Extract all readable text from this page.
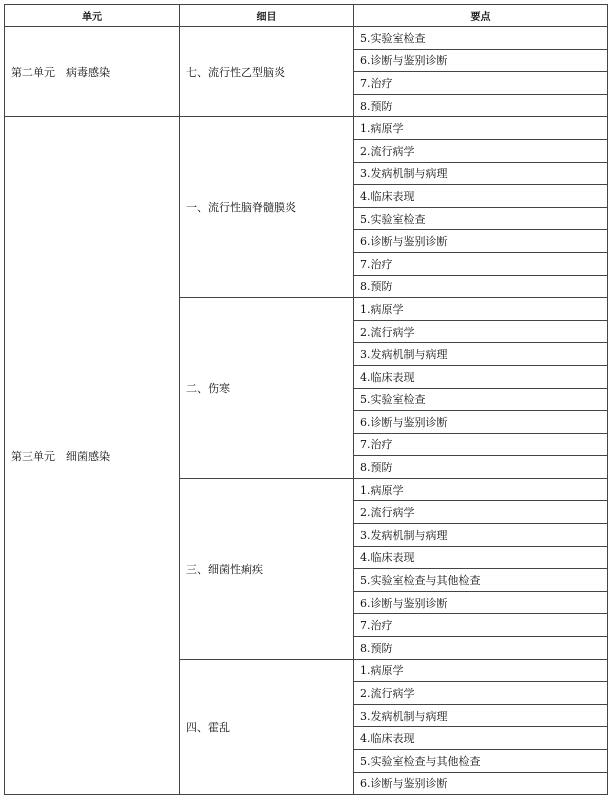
单元	细目	要点
第二单元　病毒感染	七、流行性乙型脑炎	5.实验室检查
		6.诊断与鉴别诊断
		7.治疗
		8.预防
第三单元　细菌感染	一、流行性脑脊髓膜炎	1.病原学
		2.流行病学
		3.发病机制与病理
		4.临床表现
		5.实验室检查
		6.诊断与鉴别诊断
		7.治疗
		8.预防
	二、伤寒	1.病原学
		2.流行病学
		3.发病机制与病理
		4.临床表现
		5.实验室检查
		6.诊断与鉴别诊断
		7.治疗
		8.预防
	三、细菌性痢疾	1.病原学
		2.流行病学
		3.发病机制与病理
		4.临床表现
		5.实验室检查与其他检查
		6.诊断与鉴别诊断
		7.治疗
		8.预防
	四、霍乱	1.病原学
		2.流行病学
		3.发病机制与病理
		4.临床表现
		5.实验室检查与其他检查
		6.诊断与鉴别诊断
